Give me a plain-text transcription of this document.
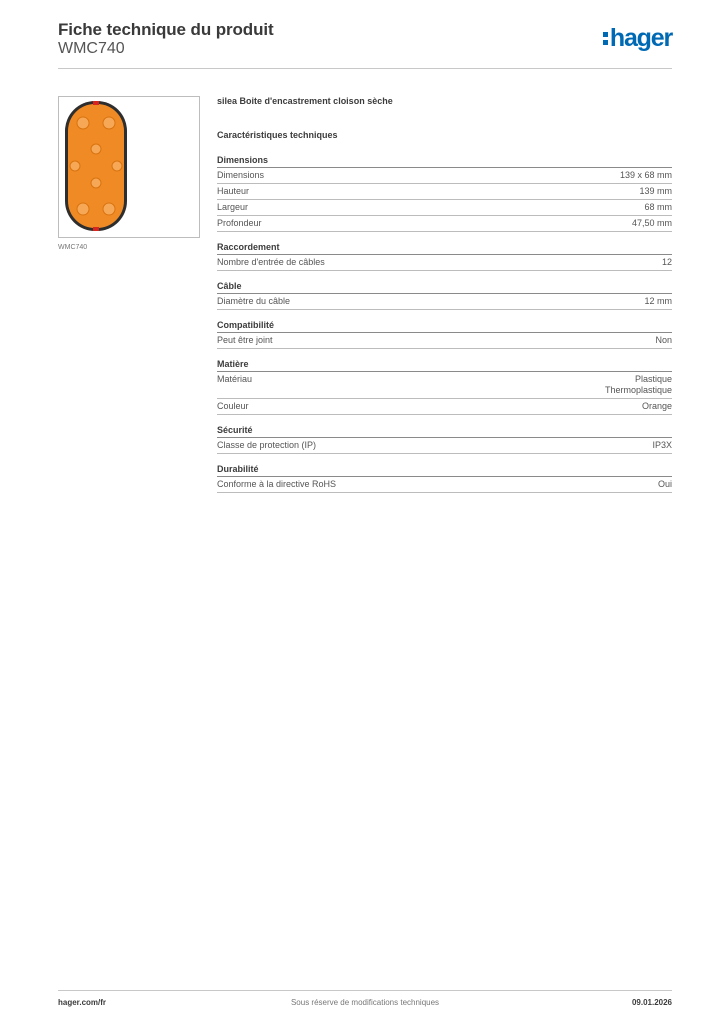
Fiche technique du produit
WMC740	hager
WMC740
silea Boite d'encastrement cloison sèche
Caractéristiques techniques
Dimensions
Dimensions	139 x 68 mm
Hauteur	139 mm
Largeur	68 mm
Profondeur	47,50 mm
Raccordement
Nombre d'entrée de câbles	12
Câble
Diamètre du câble	12 mm
Compatibilité
Peut être joint	Non
Matière
Matériau	Plastique
Thermoplastique
Couleur	Orange
Sécurité
Classe de protection (IP)	IP3X
Durabilité
Conforme à la directive RoHS	Oui
hager.com/fr	Sous réserve de modifications techniques	09.01.2026
